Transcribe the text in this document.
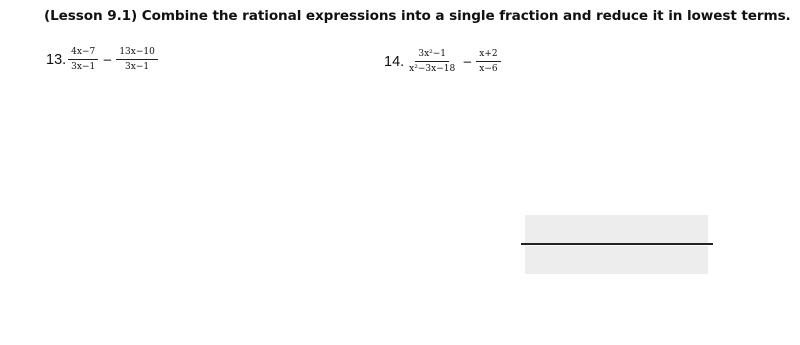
(Lesson 9.1) Combine the rational expressions into a single fraction and reduce it in lowest terms.
13. $\frac{4x-7}{3x-1} - \frac{13x-10}{3x-1}$	14. $\frac{\text{3x²−1}}{\text{x²−3x−18}} - \frac{x+2}{x-6}$
